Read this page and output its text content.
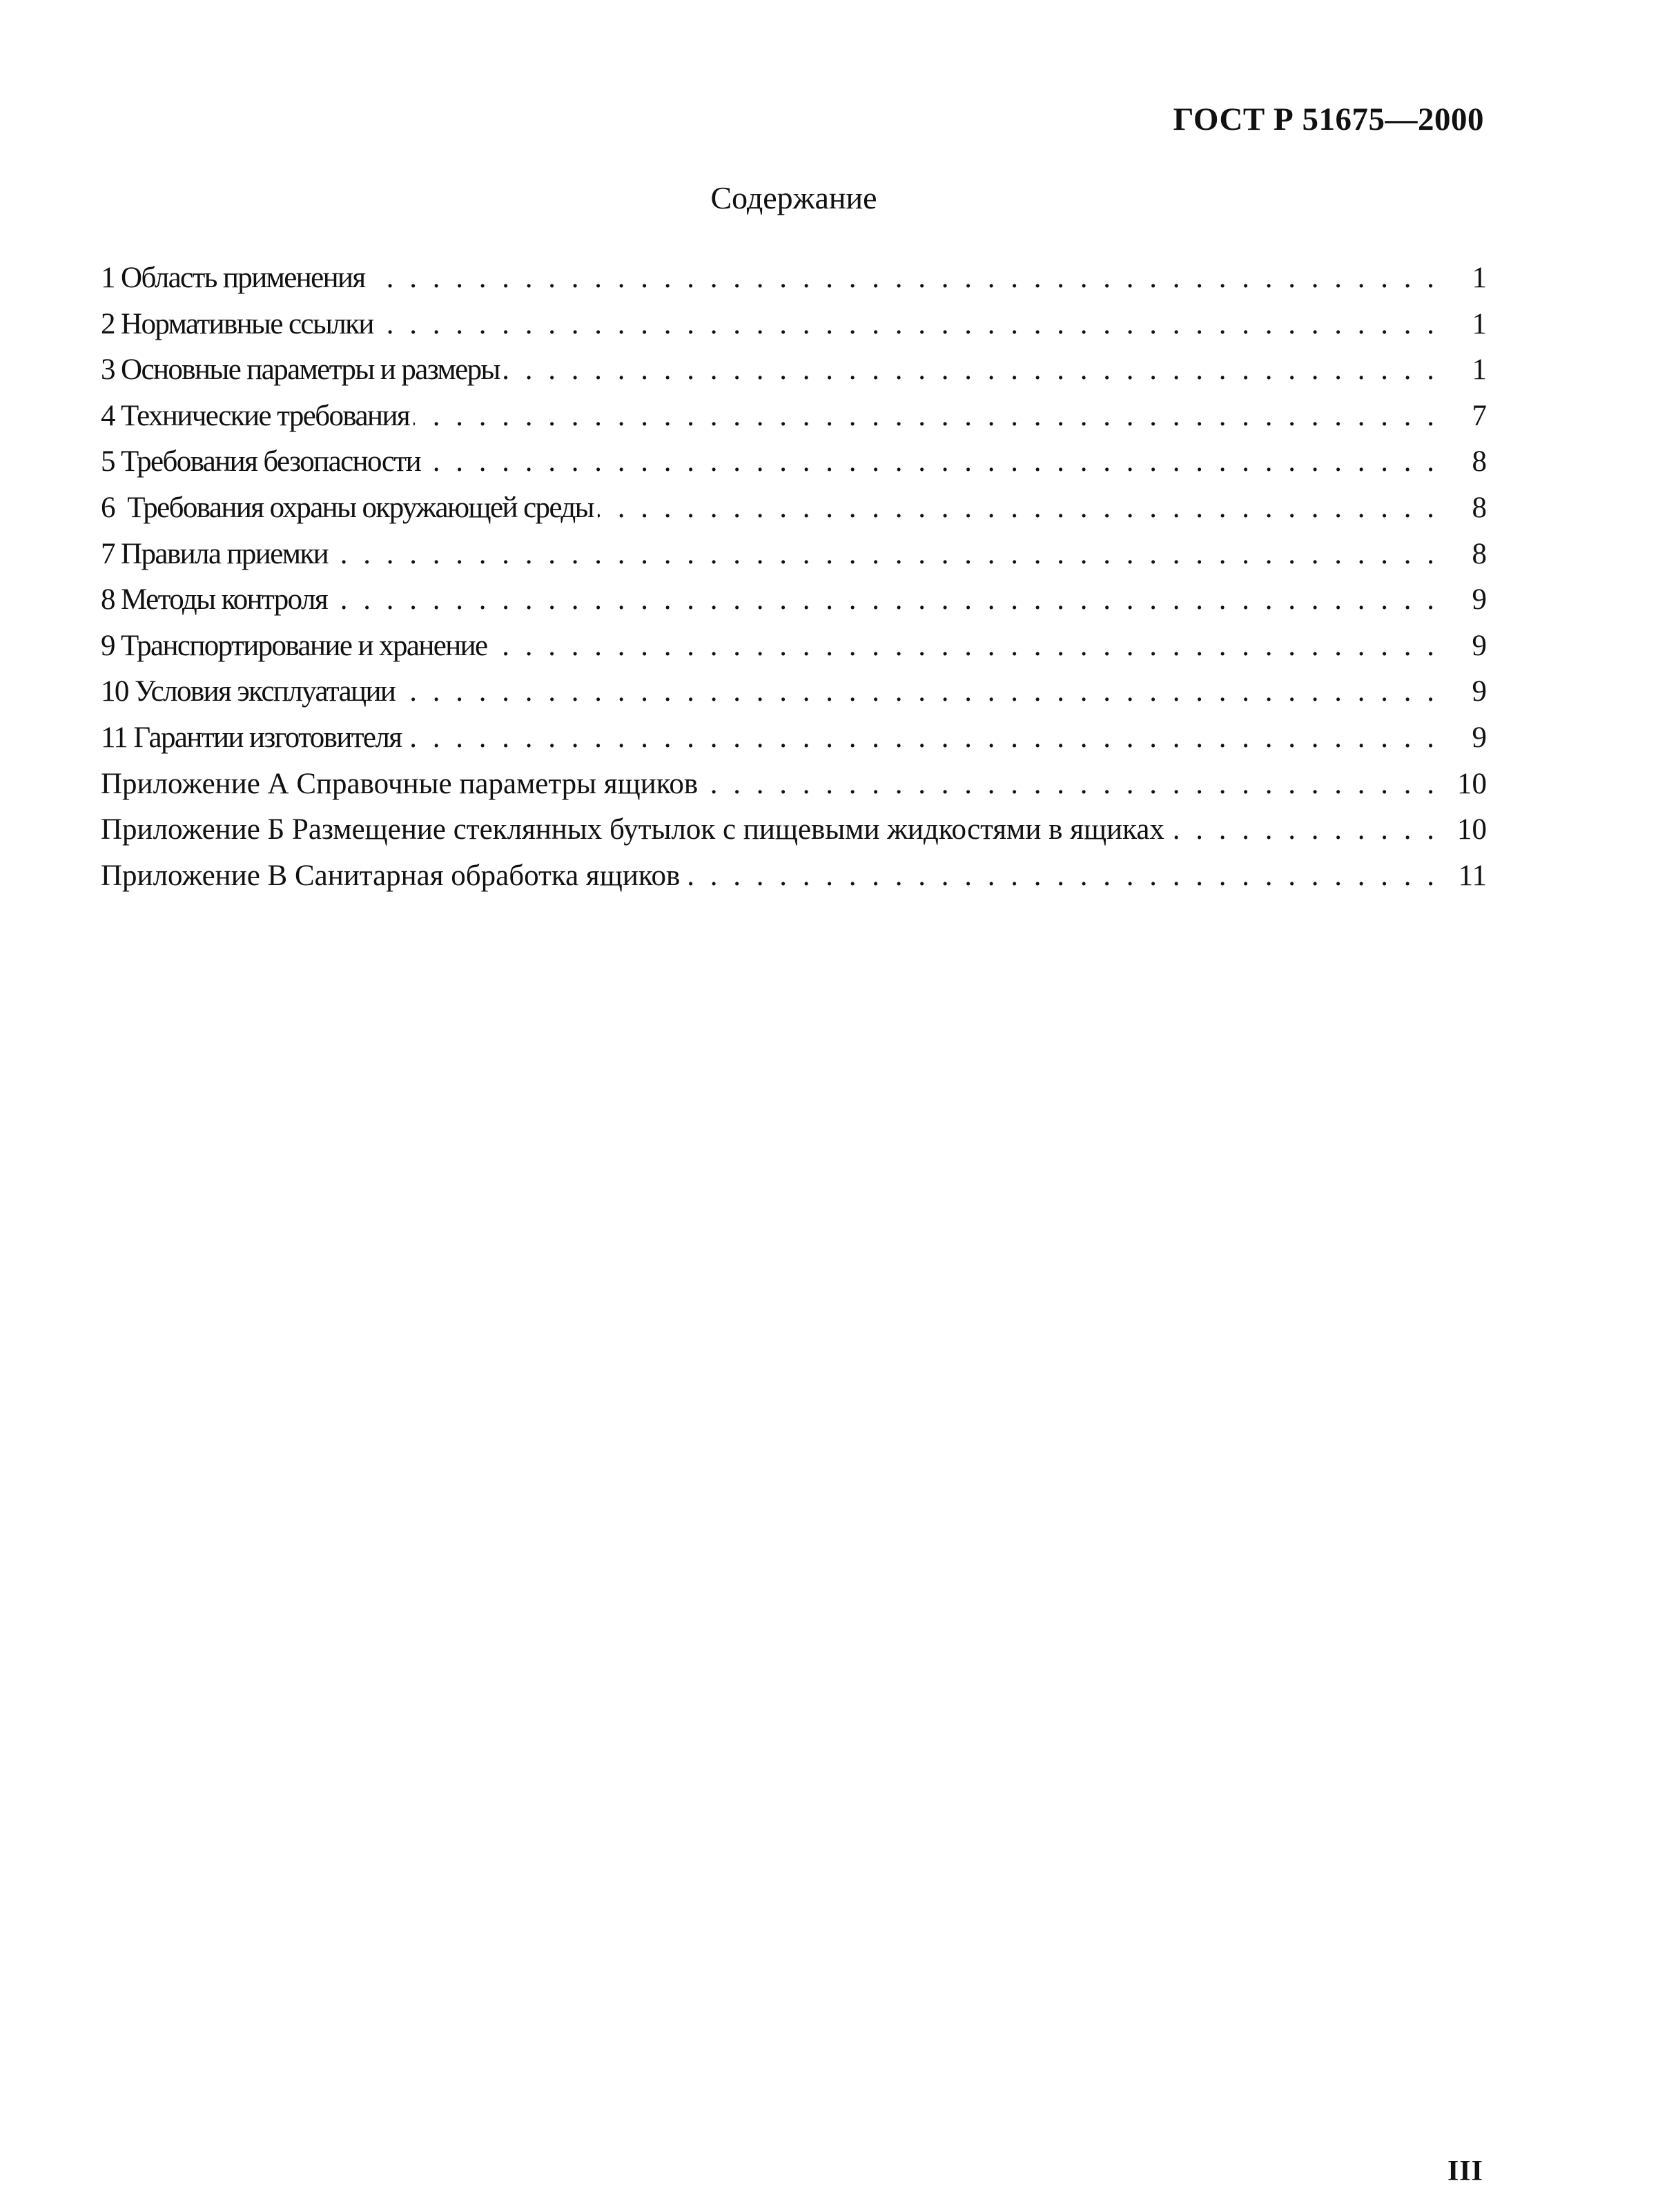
ГОСТ Р 51675—2000
Содержание
1 Область применения . . .	1
2 Нормативные ссылки . . .	1
3 Основные параметры и размеры . . .	1
4 Технические требования . . .	7
5 Требования безопасности . . .	8
6  Требования охраны окружающей среды . . .	8
7 Правила приемки . . .	8
8 Методы контроля . . .	9
9 Транспортирование и хранение . . .	9
10 Условия эксплуатации . . .	9
11 Гарантии изготовителя . . .	9
Приложение А Справочные параметры ящиков . . .	10
Приложение Б Размещение стеклянных бутылок с пищевыми жидкостями в ящиках . . .	10
Приложение В Санитарная обработка ящиков . . .	11
III
